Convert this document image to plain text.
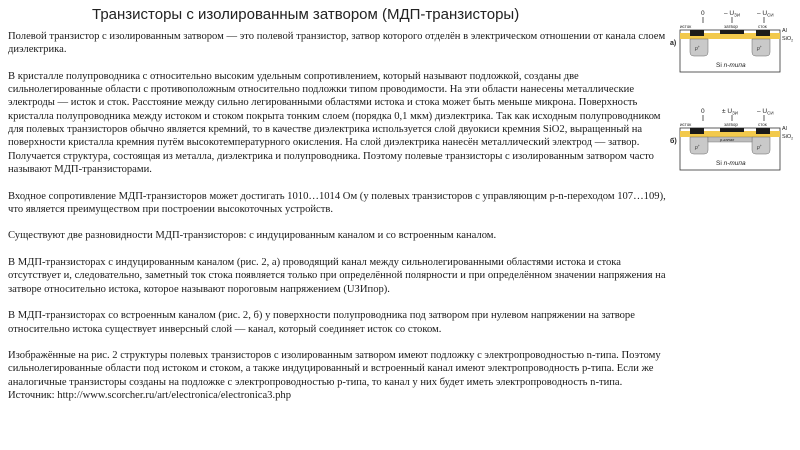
Транзисторы с изолированным затвором (МДП-транзисторы)

Полевой транзистор с изолированным затвором — это полевой транзистор, затвор которого отделён в электрическом отношении от канала слоем диэлектрика.

В кристалле полупроводника с относительно высоким удельным сопротивлением, который называют подложкой, созданы две сильнолегированные области с противоположным относительно подложки типом проводимости. На эти области нанесены металлические электроды — исток и сток. Расстояние между сильно легированными областями истока и стока может быть меньше микрона. Поверхность кристалла полупроводника между истоком и стоком покрыта тонким слоем (порядка 0,1 мкм) диэлектрика. Так как исходным полупроводником для полевых транзисторов обычно является кремний, то в качестве диэлектрика используется слой двуокиси кремния SiO2, выращенный на поверхности кристалла кремния путём высокотемпературного окисления. На слой диэлектрика нанесён металлический электрод — затвор. Получается структура, состоящая из металла, диэлектрика и полупроводника. Поэтому полевые транзисторы с изолированным затвором часто называют МДП-транзисторами.

Входное сопротивление МДП-транзисторов может достигать 1010…1014 Ом (у полевых транзисторов с управляющим p-n-переходом 107…109), что является преимуществом при построении высокоточных устройств.

Существуют две разновидности МДП-транзисторов: с индуцированным каналом и со встроенным каналом.

В МДП-транзисторах с индуцированным каналом (рис. 2, а) проводящий канал между сильнолегированными областями истока и стока отсутствует и, следовательно, заметный ток стока появляется только при определённой полярности и при определённом значении напряжения на затворе относительно истока, которое называют пороговым напряжением (UЗИпор).

В МДП-транзисторах со встроенным каналом (рис. 2, б) у поверхности полупроводника под затвором при нулевом напряжении на затворе относительно истока существует инверсный слой — канал, который соединяет исток со стоком.

Изображённые на рис. 2 структуры полевых транзисторов с изолированным затвором имеют подложку с электропроводностью n-типа. Поэтому сильнолегированные области под истоком и стоком, а также индуцированный и встроенный канал имеют электропроводность p-типа. Если же аналогичные транзисторы созданы на подложке с электропроводностью p-типа, то канал у них будет иметь электропроводность n-типа.

Источник: http://www.scorcher.ru/art/electronica/electronica3.php
0	– $U_{ЗИ}$	– $U_{СИ}$
исток	затвор	сток
p+	p+
Si n-типа
а)
Al
SiO$_2$
0	± $U_{ЗИ}$	– $U_{СИ}$
исток	затвор	сток
p-канал
p+	p+
Si n-типа
б)
Al
SiO$_2$
